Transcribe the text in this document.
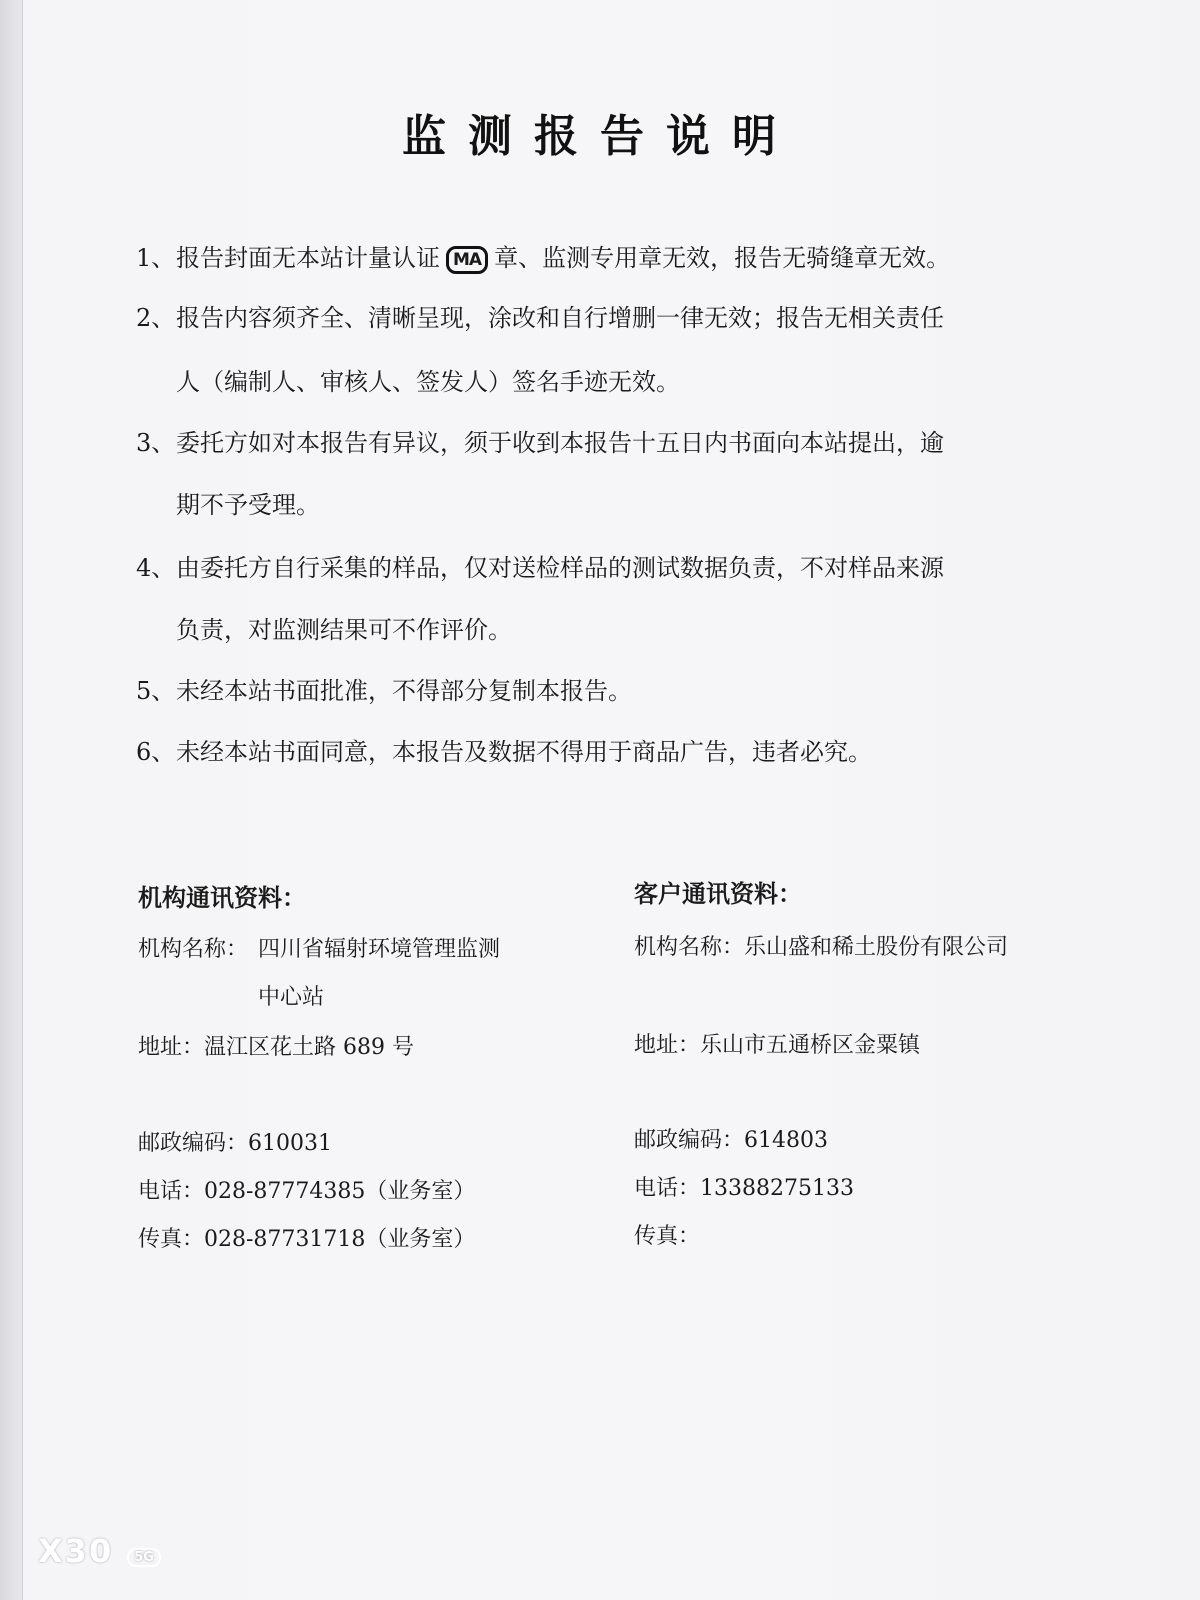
监测报告说明
1、报告封面无本站计量认证 MA 章、监测专用章无效，报告无骑缝章无效。
2、报告内容须齐全、清晰呈现，涂改和自行增删一律无效；报告无相关责任
人（编制人、审核人、签发人）签名手迹无效。
3、委托方如对本报告有异议，须于收到本报告十五日内书面向本站提出，逾
期不予受理。
4、由委托方自行采集的样品，仅对送检样品的测试数据负责，不对样品来源
负责，对监测结果可不作评价。
5、未经本站书面批准，不得部分复制本报告。
6、未经本站书面同意，本报告及数据不得用于商品广告，违者必究。
机构通讯资料：
机构名称： 四川省辐射环境管理监测
中心站
地址：温江区花土路 689 号
邮政编码：610031
电话：028-87774385（业务室）
传真：028-87731718（业务室）
客户通讯资料：
机构名称：乐山盛和稀土股份有限公司
地址：乐山市五通桥区金粟镇
邮政编码：614803
电话：13388275133
传真：
X30 5G
